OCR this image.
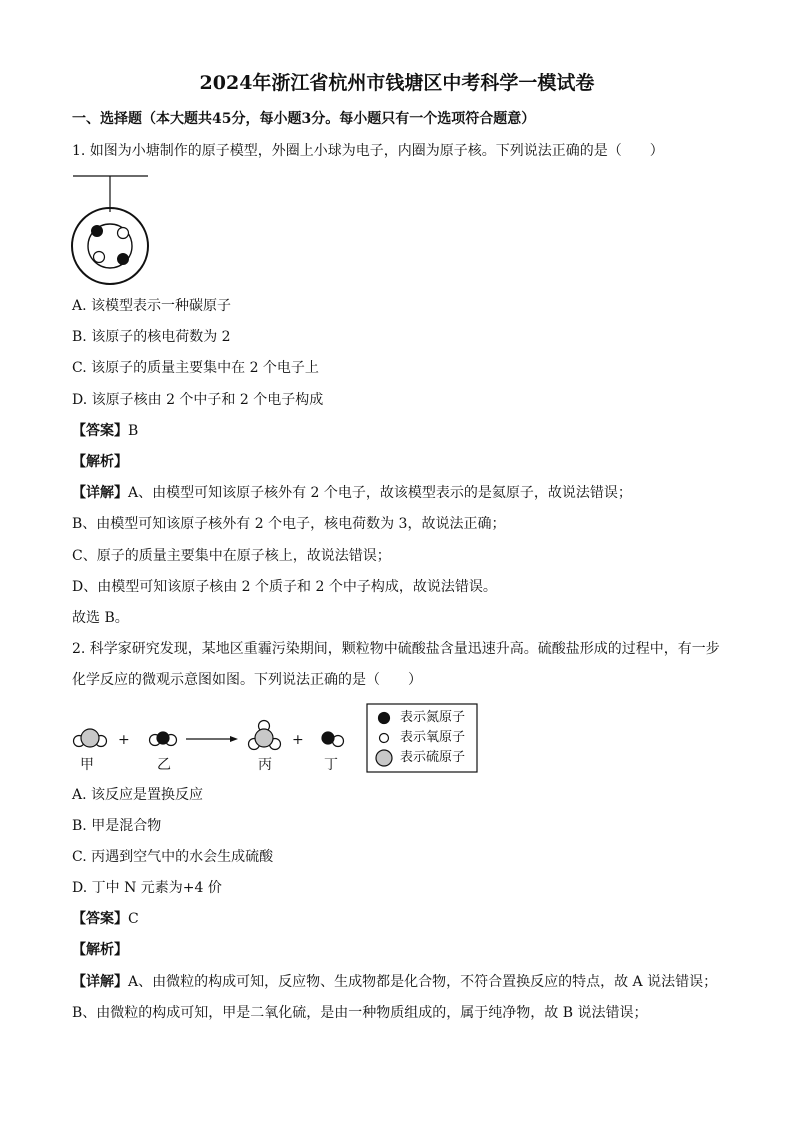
2024年浙江省杭州市钱塘区中考科学一模试卷
一、选择题（本大题共45分，每小题3分。每小题只有一个选项符合题意）
1. 如图为小塘制作的原子模型，外圈上小球为电子，内圈为原子核。下列说法正确的是（　　）
A. 该模型表示一种碳原子
B. 该原子的核电荷数为 2
C. 该原子的质量主要集中在 2 个电子上
D. 该原子核由 2 个中子和 2 个电子构成
【答案】B
【解析】
【详解】A、由模型可知该原子核外有 2 个电子，故该模型表示的是氦原子，故说法错误；
B、由模型可知该原子核外有 2 个电子，核电荷数为 3，故说法正确；
C、原子的质量主要集中在原子核上，故说法错误；
D、由模型可知该原子核由 2 个质子和 2 个中子构成，故说法错误。
故选 B。
2. 科学家研究发现，某地区重霾污染期间，颗粒物中硫酸盐含量迅速升高。硫酸盐形成的过程中，有一步
化学反应的微观示意图如图。下列说法正确的是（　　）
甲
+
乙	丙
+
丁
表示氮原子
表示氧原子
表示硫原子
A. 该反应是置换反应
B. 甲是混合物
C. 丙遇到空气中的水会生成硫酸
D. 丁中 N 元素为+4 价
【答案】C
【解析】
【详解】A、由微粒的构成可知，反应物、生成物都是化合物，不符合置换反应的特点，故 A 说法错误；
B、由微粒的构成可知，甲是二氧化硫，是由一种物质组成的，属于纯净物，故 B 说法错误；
